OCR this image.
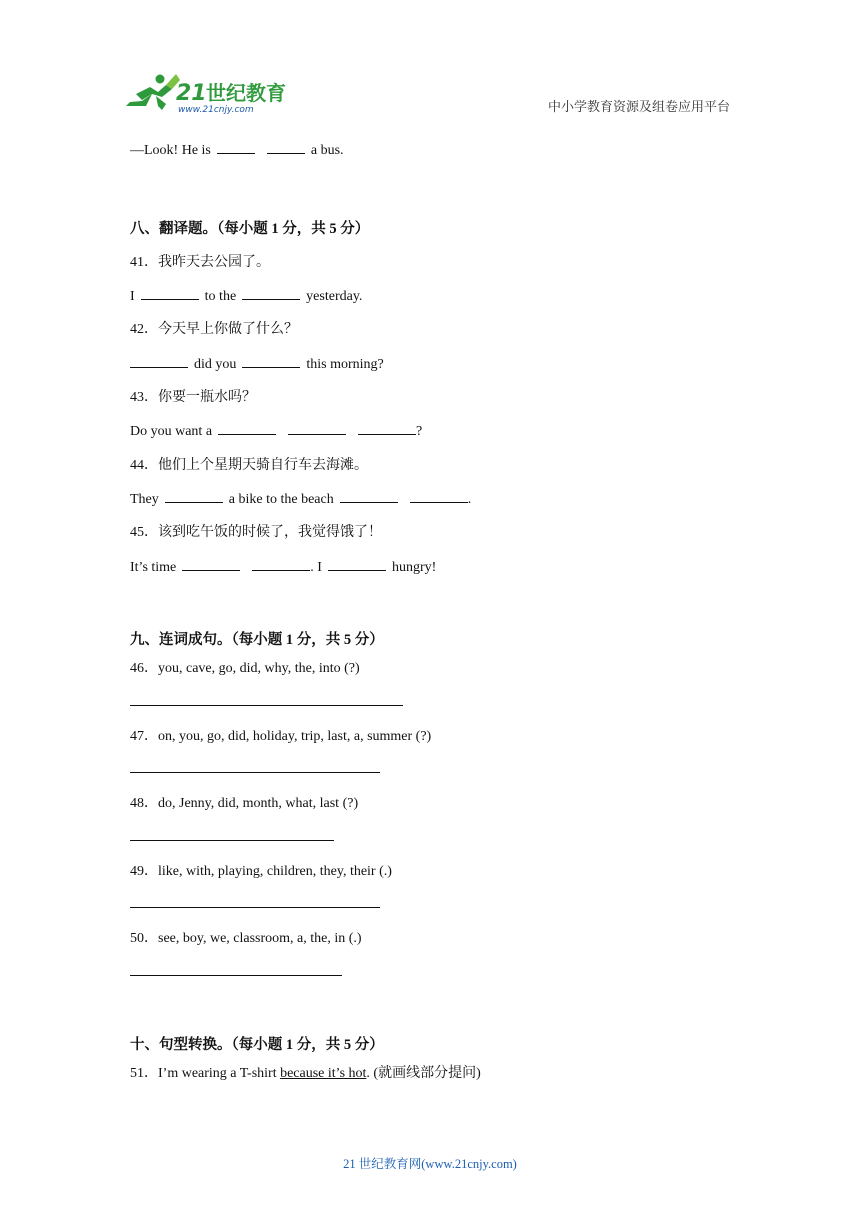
21 世纪教育
www.21cnjy.com	中小学教育资源及组卷应用平台
—Look! He is	a bus.
八、翻译题。（每小题 1 分，共 5 分）
41．我昨天去公园了。
I	to the	yesterday.
42．今天早上你做了什么？
did you	this morning?
43．你要一瓶水吗？
Do you want a	?
44．他们上个星期天骑自行车去海滩。
They	a bike to the beach	.
45．该到吃午饭的时候了，我觉得饿了！
It’s time	. I	hungry!
九、连词成句。（每小题 1 分，共 5 分）
46．you, cave, go, did, why, the, into (?)
47．on, you, go, did, holiday, trip, last, a, summer (?)
48．do, Jenny, did, month, what, last (?)
49．like, with, playing, children, they, their (.)
50．see, boy, we, classroom, a, the, in (.)
十、句型转换。（每小题 1 分，共 5 分）
51．I’m wearing a T-shirt because it’s hot. (就画线部分提问)
21 世纪教育网(www.21cnjy.com)
